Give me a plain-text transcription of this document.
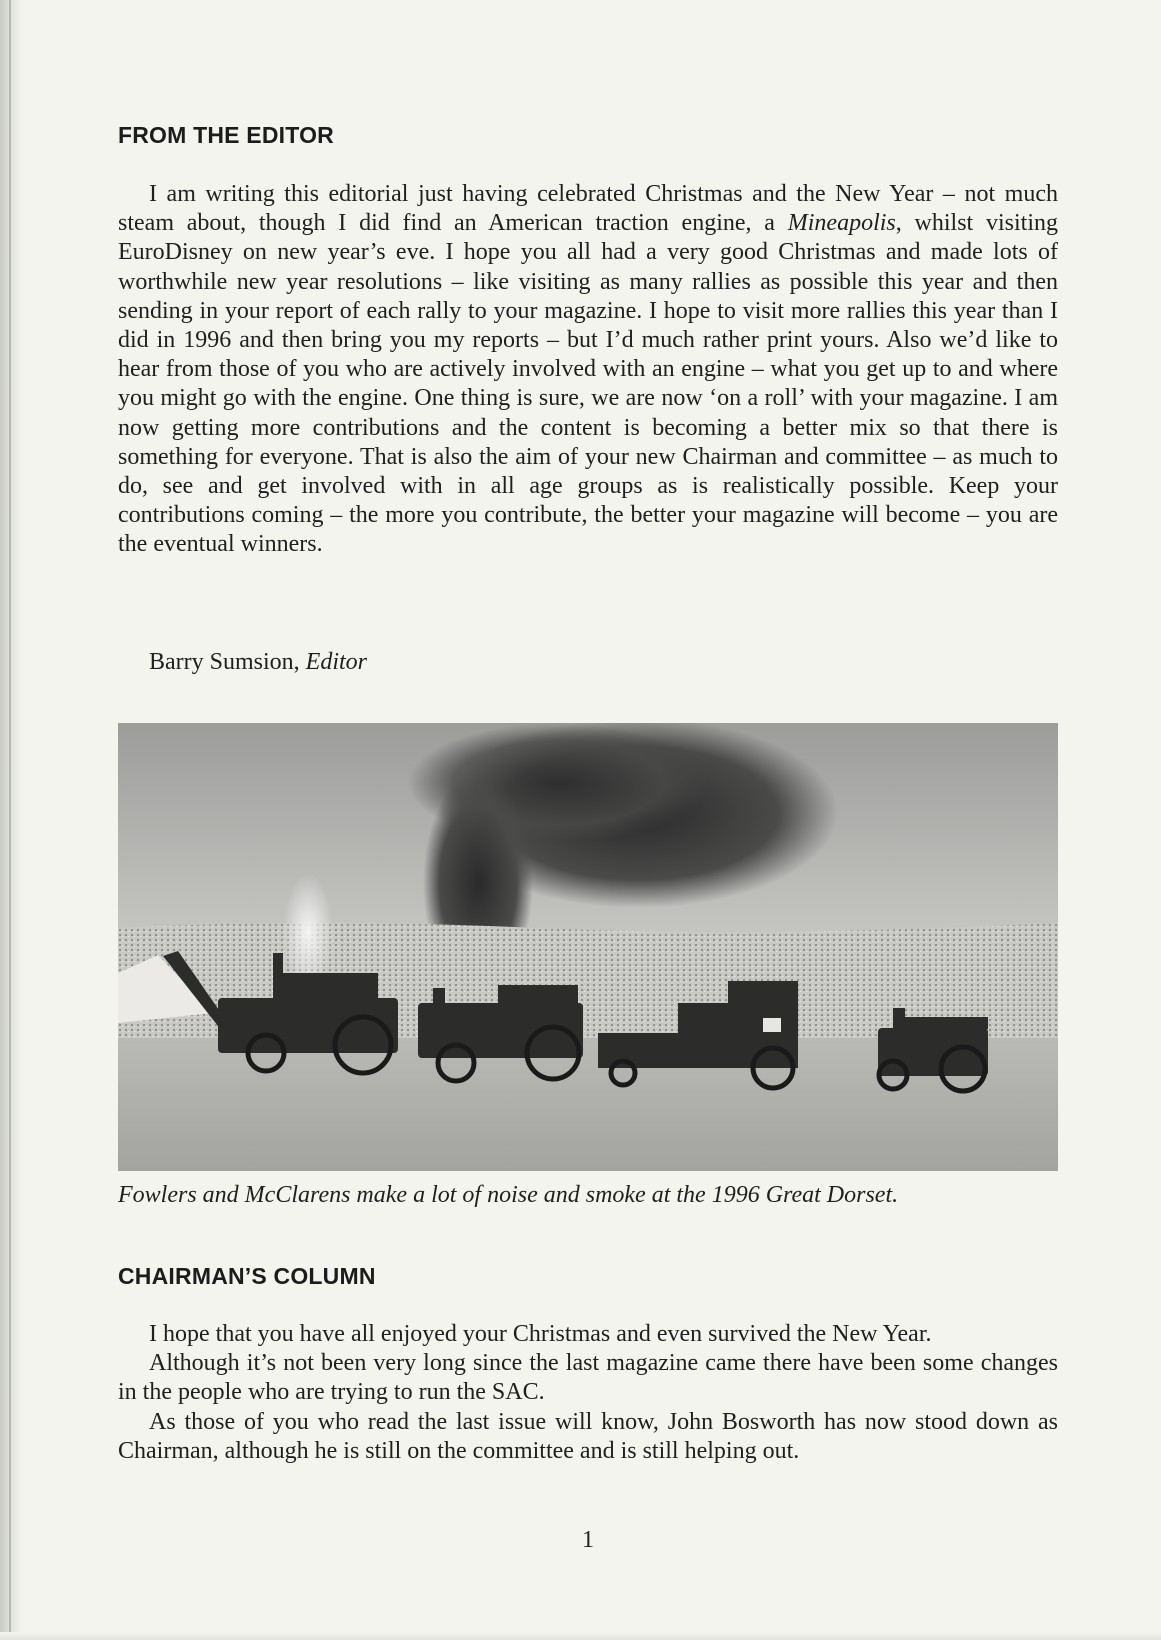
FROM THE EDITOR

I am writing this editorial just having celebrated Christmas and the New Year – not much steam about, though I did find an American traction engine, a Mineapolis, whilst visiting EuroDisney on new year’s eve. I hope you all had a very good Christmas and made lots of worthwhile new year resolutions – like visiting as many rallies as possible this year and then sending in your report of each rally to your magazine. I hope to visit more rallies this year than I did in 1996 and then bring you my reports – but I’d much rather print yours. Also we’d like to hear from those of you who are actively involved with an engine – what you get up to and where you might go with the engine. One thing is sure, we are now ‘on a roll’ with your magazine. I am now getting more contributions and the content is becoming a better mix so that there is something for everyone. That is also the aim of your new Chairman and committee – as much to do, see and get involved with in all age groups as is realistically possible. Keep your contributions coming – the more you contribute, the better your magazine will become – you are the eventual winners.

Barry Sumsion, Editor

Fowlers and McClarens make a lot of noise and smoke at the 1996 Great Dorset.

CHAIRMAN’S COLUMN

I hope that you have all enjoyed your Christmas and even survived the New Year.
Although it’s not been very long since the last magazine came there have been some changes in the people who are trying to run the SAC.
As those of you who read the last issue will know, John Bosworth has now stood down as Chairman, although he is still on the committee and is still helping out.

1
